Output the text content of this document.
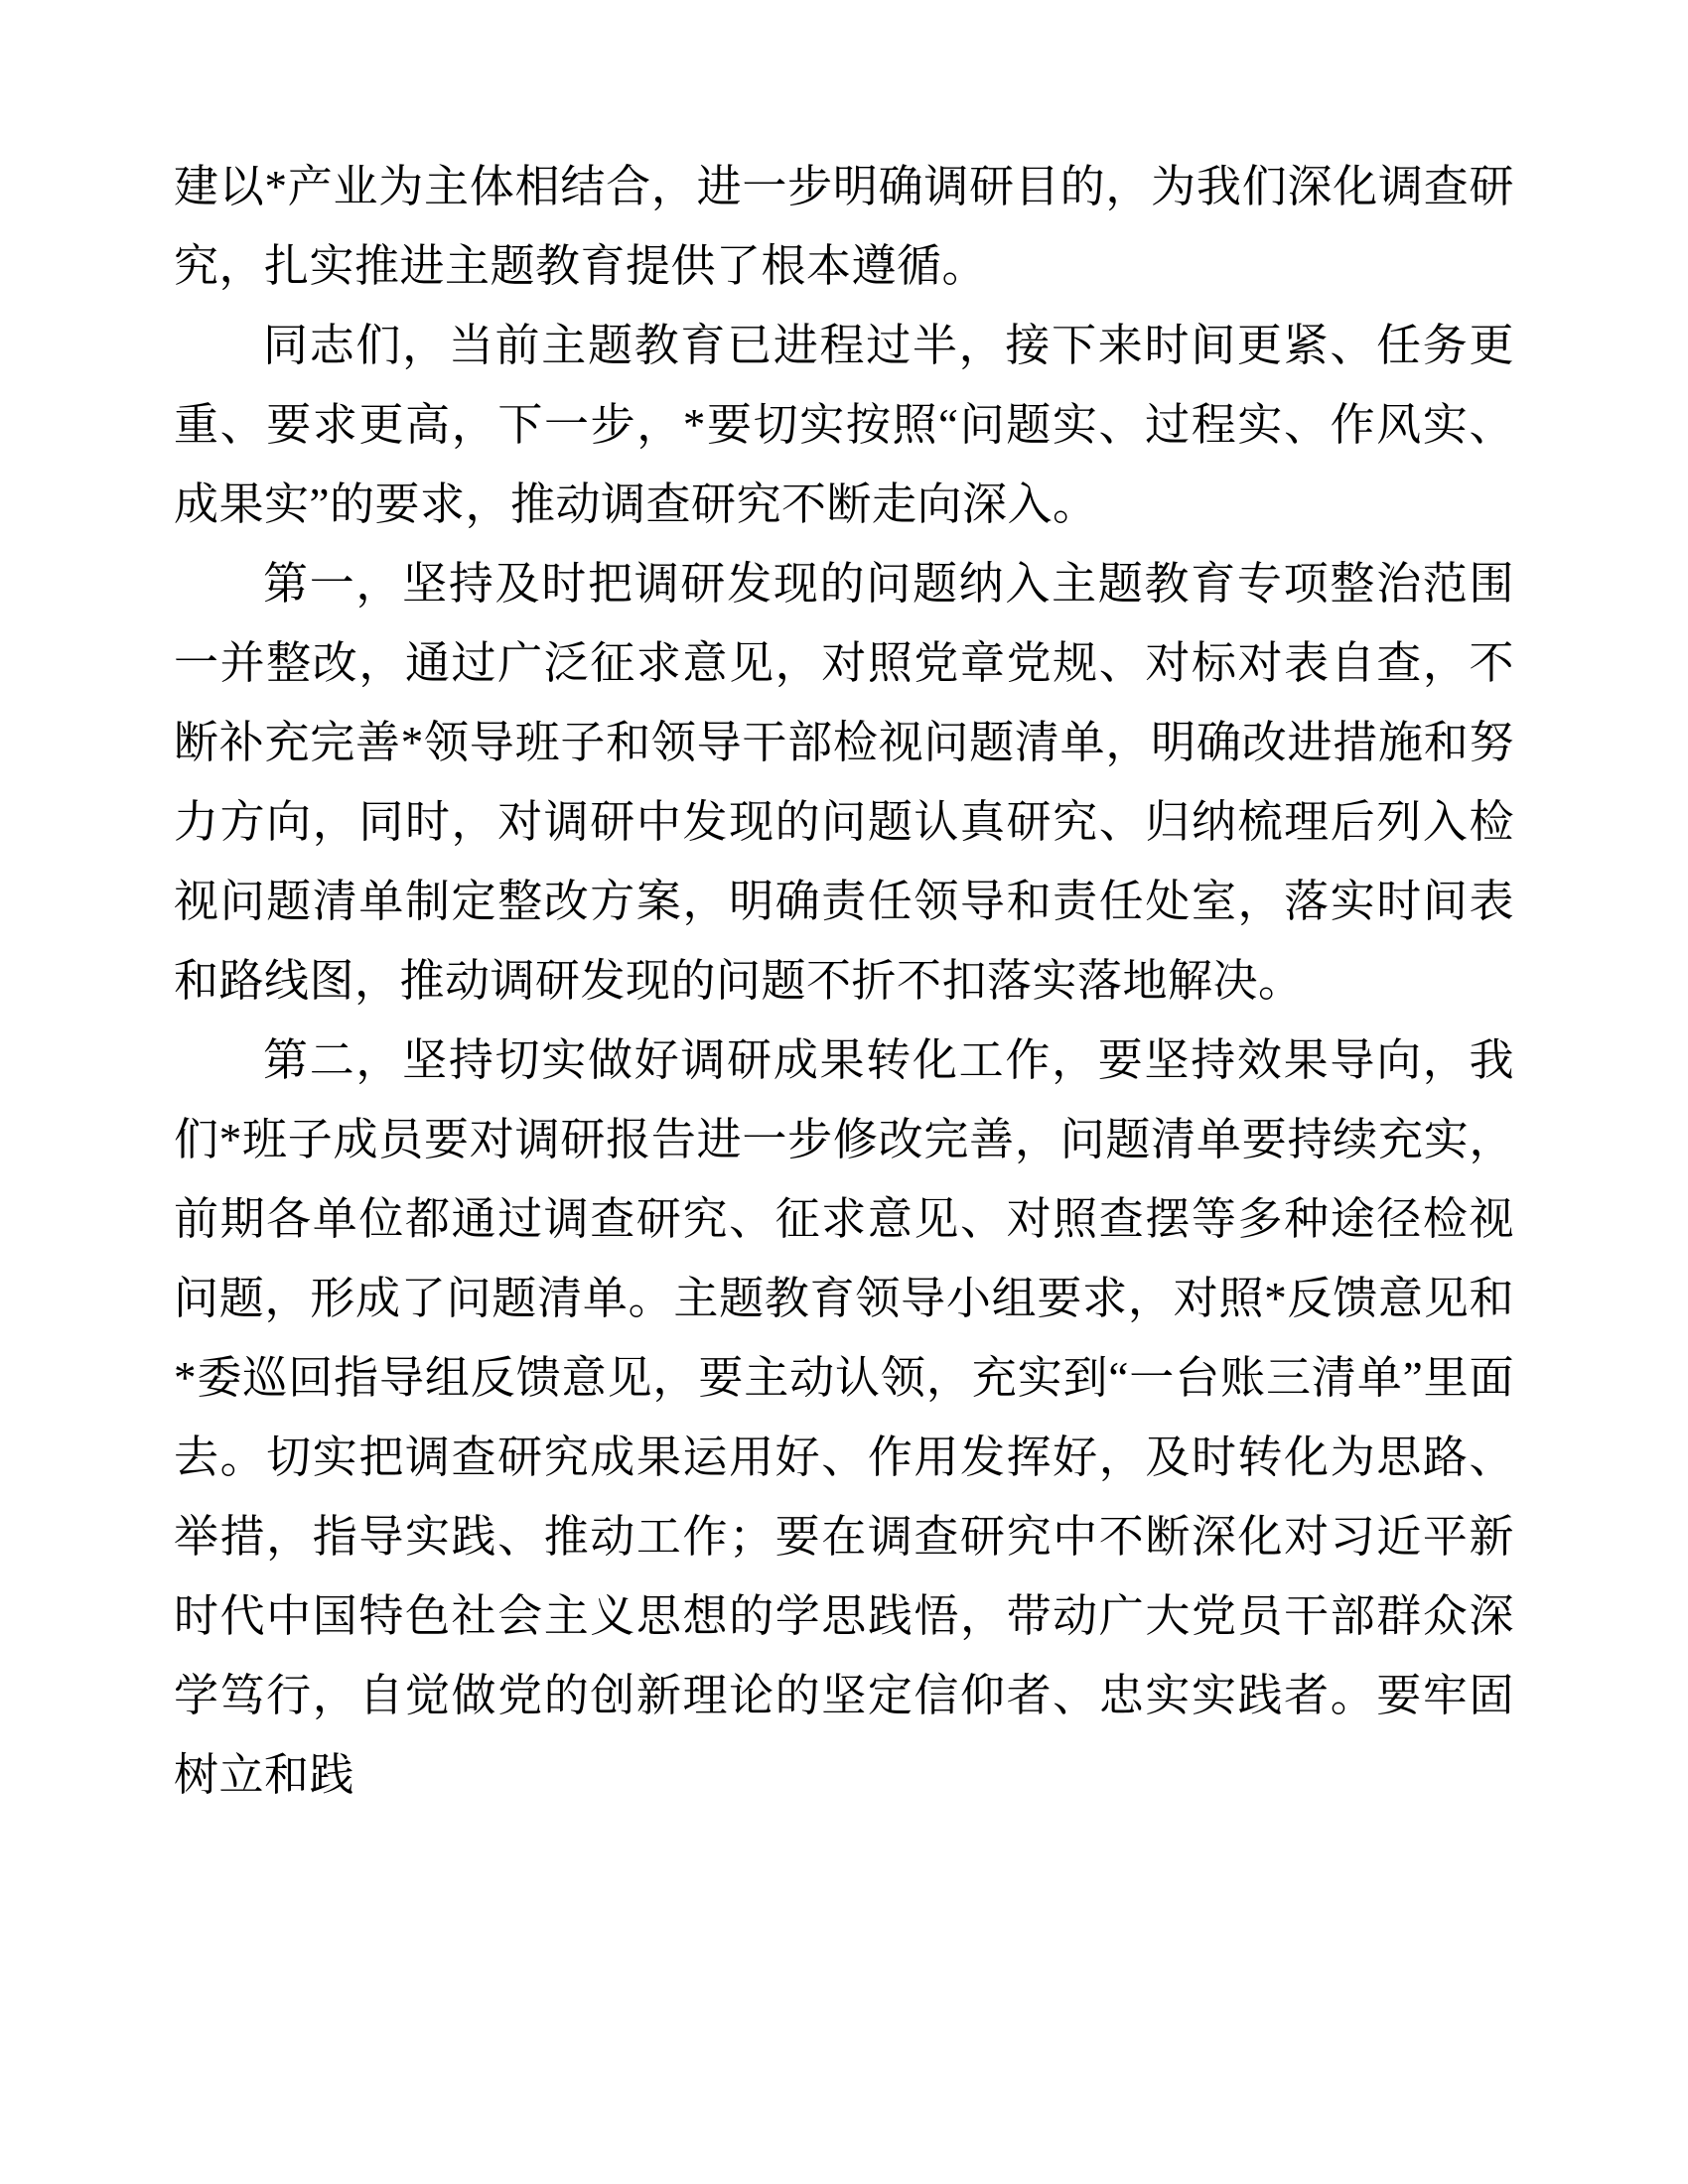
建以*产业为主体相结合，进一步明确调研目的，为我们深化调查研究，扎实推进主题教育提供了根本遵循。

同志们，当前主题教育已进程过半，接下来时间更紧、任务更重、要求更高，下一步，*要切实按照“问题实、过程实、作风实、成果实”的要求，推动调查研究不断走向深入。

第一，坚持及时把调研发现的问题纳入主题教育专项整治范围一并整改，通过广泛征求意见，对照党章党规、对标对表自查，不断补充完善*领导班子和领导干部检视问题清单，明确改进措施和努力方向，同时，对调研中发现的问题认真研究、归纳梳理后列入检视问题清单制定整改方案，明确责任领导和责任处室，落实时间表和路线图，推动调研发现的问题不折不扣落实落地解决。

第二，坚持切实做好调研成果转化工作，要坚持效果导向，我们*班子成员要对调研报告进一步修改完善，问题清单要持续充实，前期各单位都通过调查研究、征求意见、对照查摆等多种途径检视问题，形成了问题清单。主题教育领导小组要求，对照*反馈意见和*委巡回指导组反馈意见，要主动认领，充实到“一台账三清单”里面去。切实把调查研究成果运用好、作用发挥好，及时转化为思路、举措，指导实践、推动工作；要在调查研究中不断深化对习近平新时代中国特色社会主义思想的学思践悟，带动广大党员干部群众深学笃行，自觉做党的创新理论的坚定信仰者、忠实实践者。要牢固树立和践
